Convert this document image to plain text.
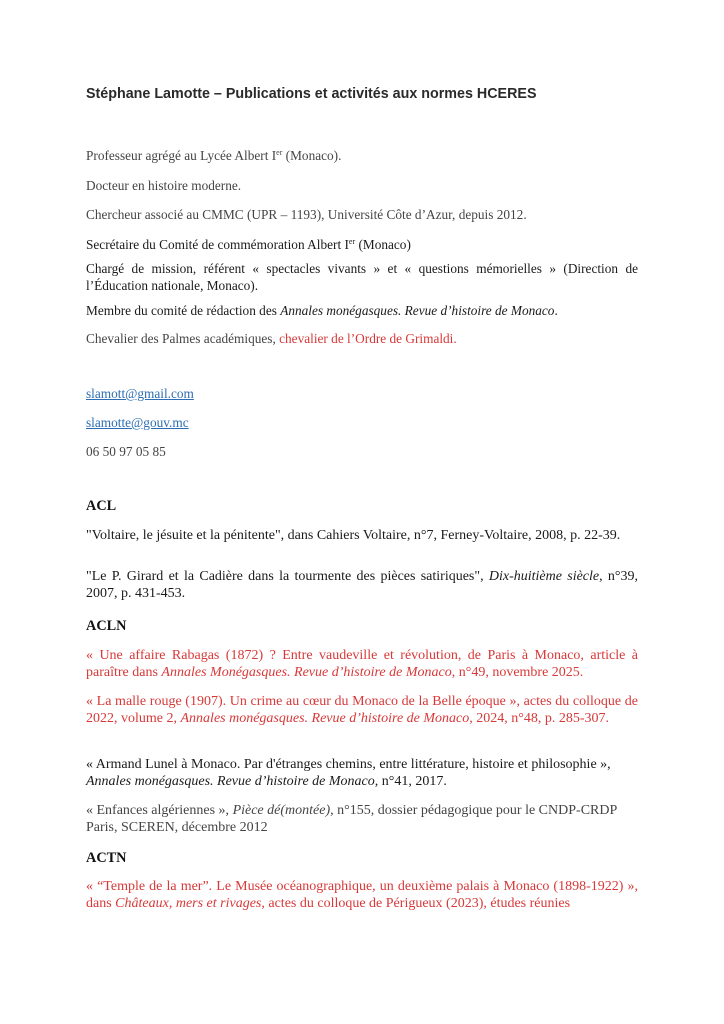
Stéphane Lamotte – Publications et activités aux normes HCERES
Professeur agrégé au Lycée Albert Ier (Monaco).
Docteur en histoire moderne.
Chercheur associé au CMMC (UPR – 1193), Université Côte d’Azur, depuis 2012.
Secrétaire du Comité de commémoration Albert Ier (Monaco)
Chargé de mission, référent « spectacles vivants » et « questions mémorielles » (Direction de l’Éducation nationale, Monaco).
Membre du comité de rédaction des Annales monégasques. Revue d’histoire de Monaco.
Chevalier des Palmes académiques, chevalier de l’Ordre de Grimaldi.
slamott@gmail.com
slamotte@gouv.mc
06 50 97 05 85
ACL
"Voltaire, le jésuite et la pénitente", dans Cahiers Voltaire, n°7, Ferney-Voltaire, 2008, p. 22-39.
"Le P. Girard et la Cadière dans la tourmente des pièces satiriques", Dix-huitième siècle, n°39, 2007, p. 431-453.
ACLN
« Une affaire Rabagas (1872) ? Entre vaudeville et révolution, de Paris à Monaco, article à paraître dans Annales Monégasques. Revue d’histoire de Monaco, n°49, novembre 2025.
« La malle rouge (1907). Un crime au cœur du Monaco de la Belle époque », actes du colloque de 2022, volume 2, Annales monégasques. Revue d’histoire de Monaco, 2024, n°48, p. 285-307.
« Armand Lunel à Monaco. Par d'étranges chemins, entre littérature, histoire et philosophie », Annales monégasques. Revue d’histoire de Monaco, n°41, 2017.
« Enfances algériennes », Pièce dé(montée), n°155, dossier pédagogique pour le CNDP-CRDP Paris, SCEREN, décembre 2012
ACTN
« “Temple de la mer”. Le Musée océanographique, un deuxième palais à Monaco (1898-1922) », dans Châteaux, mers et rivages, actes du colloque de Périgueux (2023), études réunies
